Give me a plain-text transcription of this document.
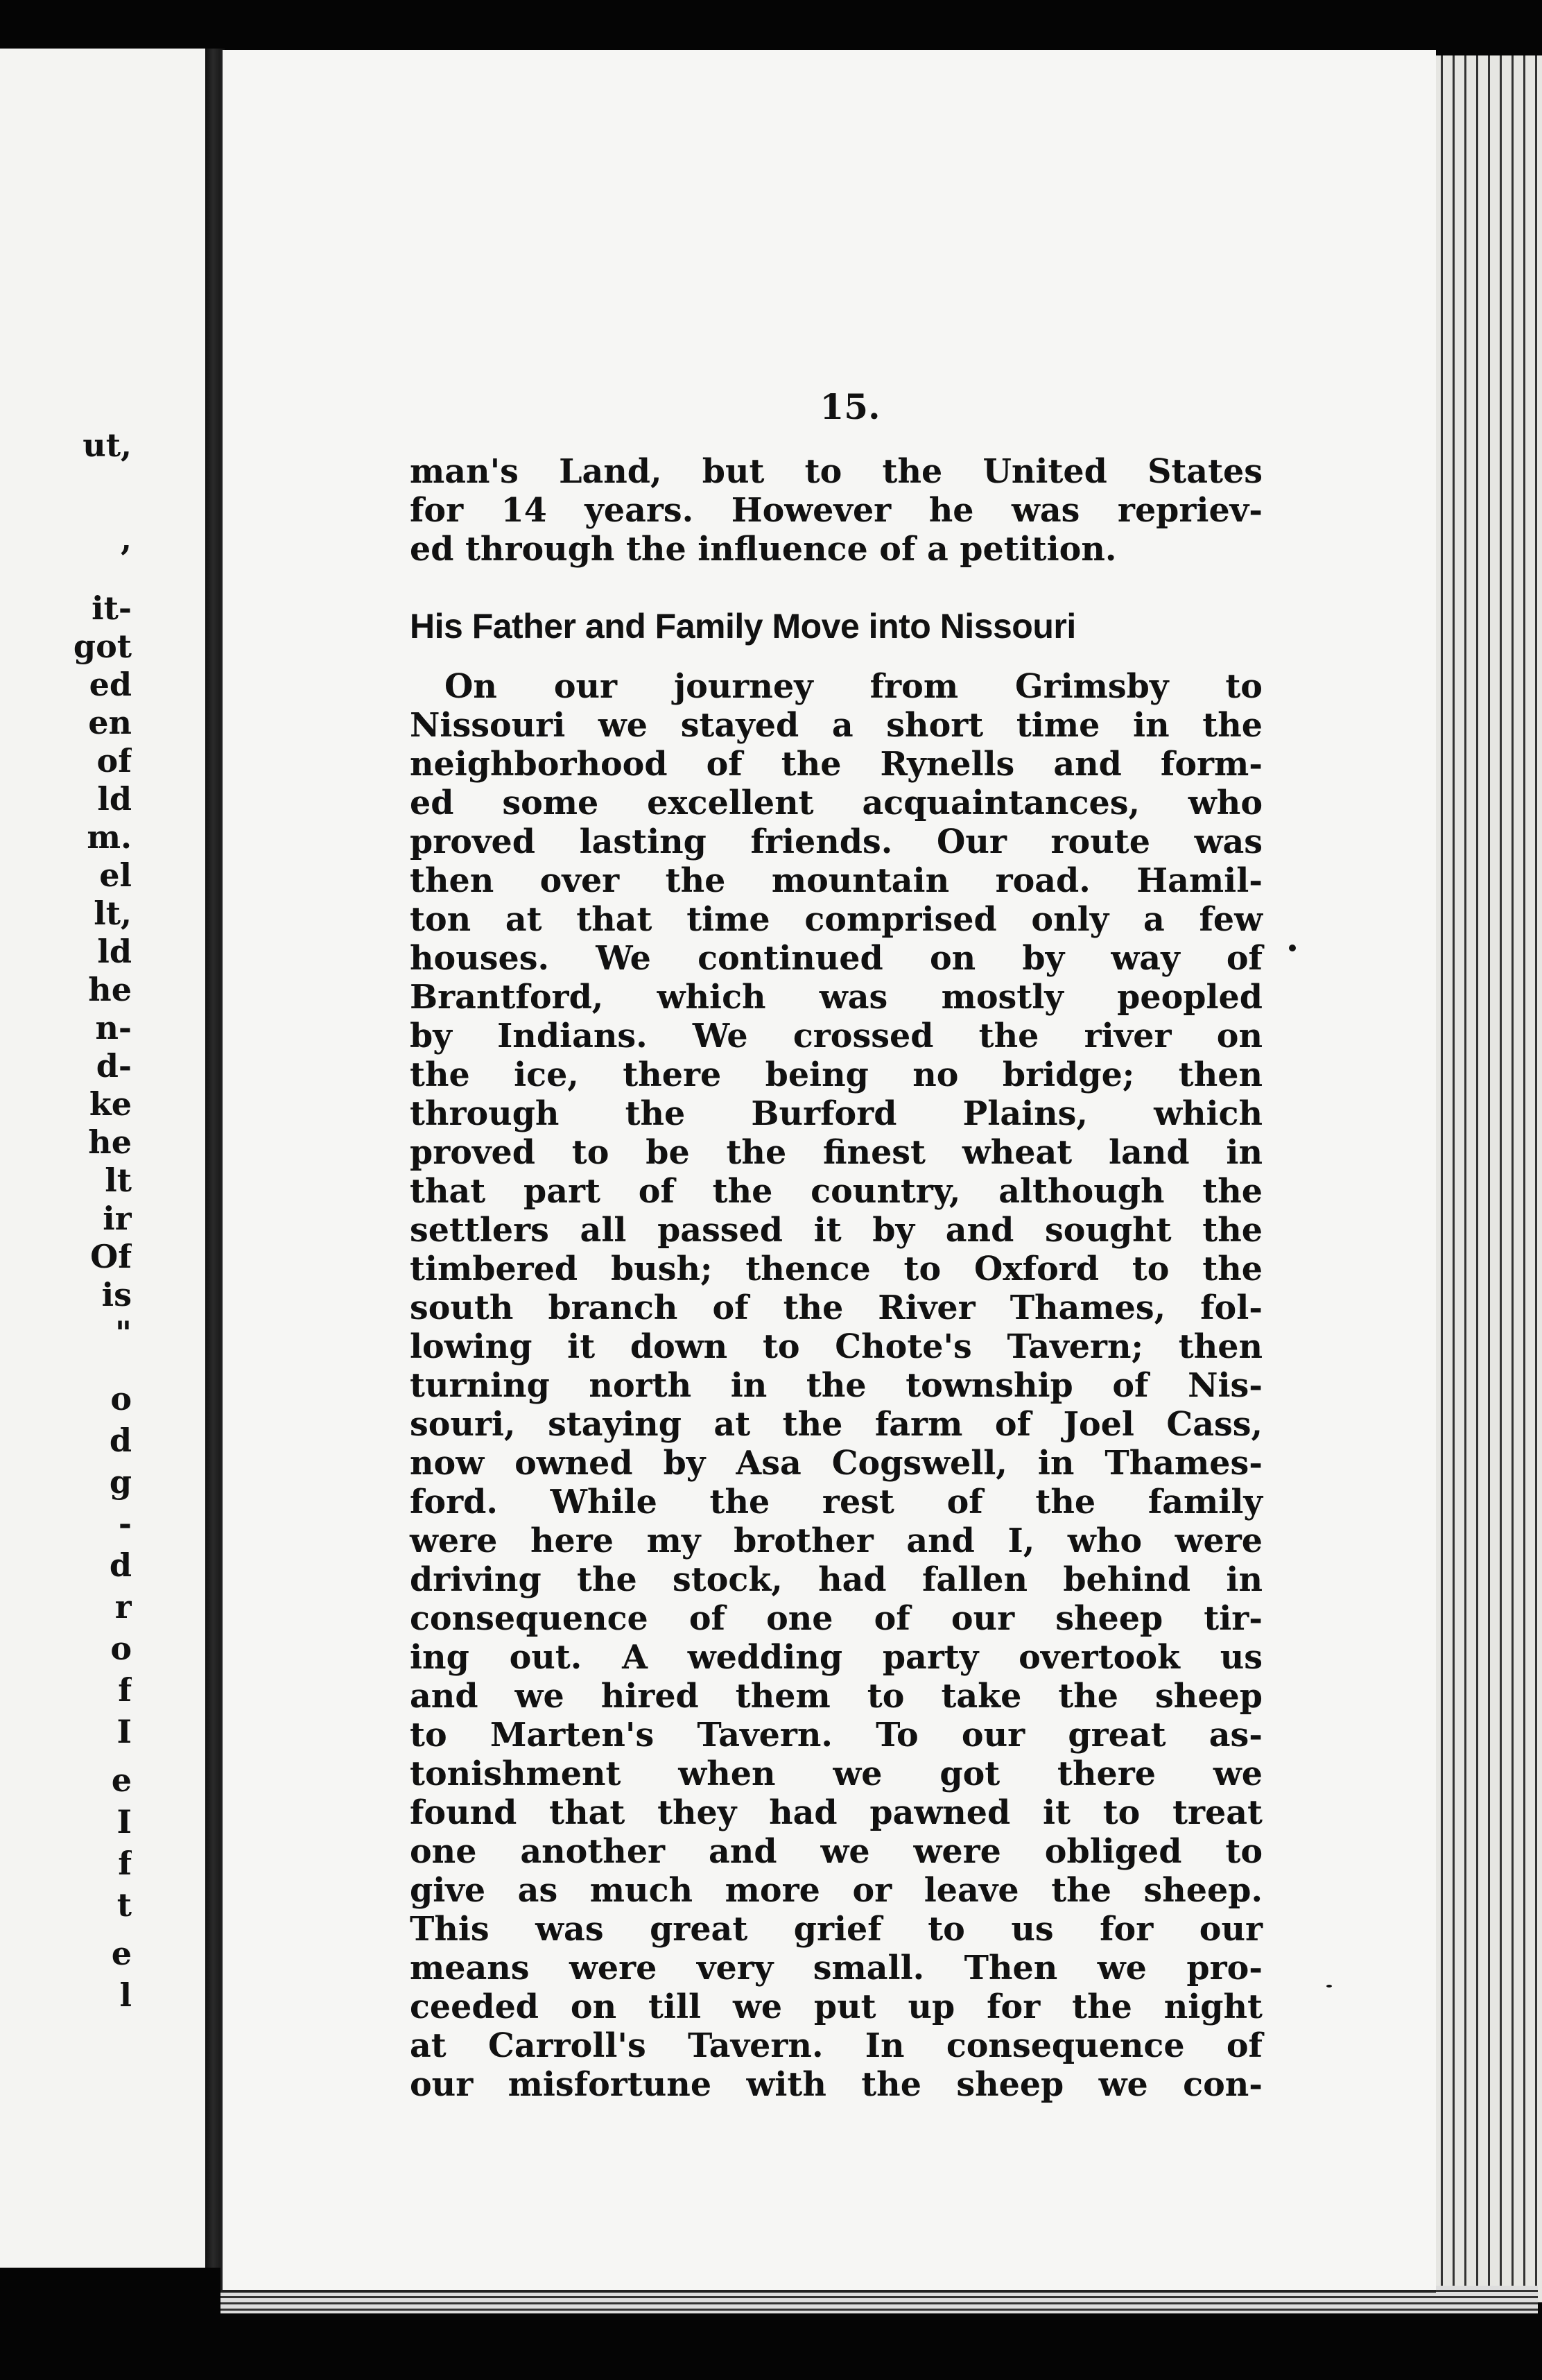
ut,
,
it-
got
ed
en
of
ld
m.
el
lt,
ld
he
n-
d-
ke
he
lt
ir
Of
is
"
o
d
g
-
d
r
o
f
I
e
I
f
t
e
l
15.
man's Land, but to the United States
for 14 years. However he was repriev-
ed through the influence of a petition.
His Father and Family Move into Nissouri
On our journey from Grimsby to
Nissouri we stayed a short time in the
neighborhood of the Rynells and form-
ed some excellent acquaintances, who
proved lasting friends. Our route was
then over the mountain road. Hamil-
ton at that time comprised only a few
houses. We continued on by way of
Brantford, which was mostly peopled
by Indians. We crossed the river on
the ice, there being no bridge; then
through the Burford Plains, which
proved to be the finest wheat land in
that part of the country, although the
settlers all passed it by and sought the
timbered bush; thence to Oxford to the
south branch of the River Thames, fol-
lowing it down to Chote's Tavern; then
turning north in the township of Nis-
souri, staying at the farm of Joel Cass,
now owned by Asa Cogswell, in Thames-
ford. While the rest of the family
were here my brother and I, who were
driving the stock, had fallen behind in
consequence of one of our sheep tir-
ing out. A wedding party overtook us
and we hired them to take the sheep
to Marten's Tavern. To our great as-
tonishment when we got there we
found that they had pawned it to treat
one another and we were obliged to
give as much more or leave the sheep.
This was great grief to us for our
means were very small. Then we pro-
ceeded on till we put up for the night
at Carroll's Tavern. In consequence of
our misfortune with the sheep we con-
